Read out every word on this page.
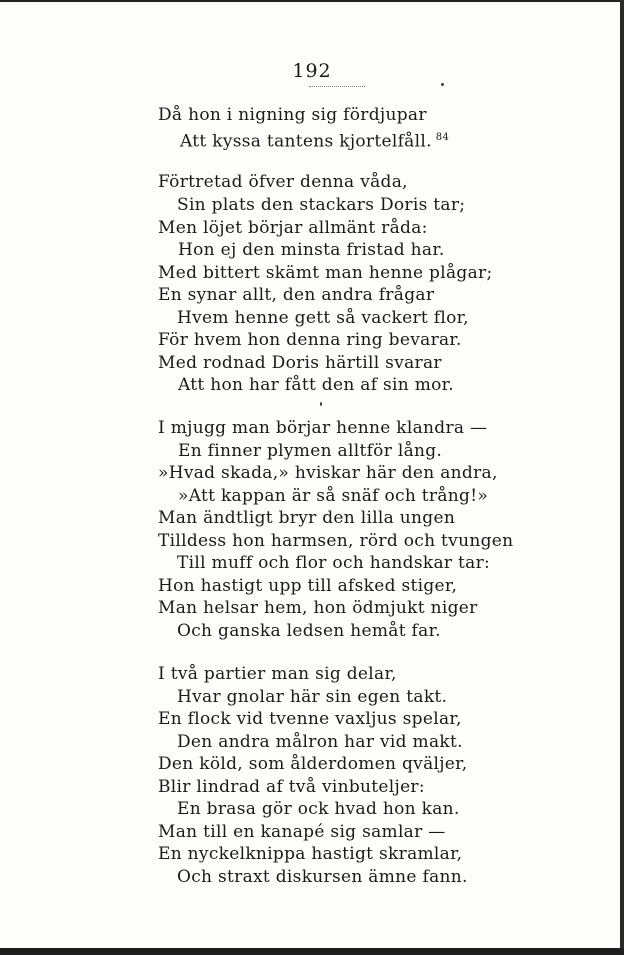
192
Då hon i nigning sig fördjupar
Att kyssa tantens kjortelfåll. $^{84}$
Förtretad öfver denna våda,
Sin plats den stackars Doris tar;
Men löjet börjar allmänt råda:
Hon ej den minsta fristad har.
Med bittert skämt man henne plågar;
En synar allt, den andra frågar
Hvem henne gett så vackert flor,
För hvem hon denna ring bevarar.
Med rodnad Doris härtill svarar
Att hon har fått den af sin mor.
I mjugg man börjar henne klandra —
En finner plymen alltför lång.
»Hvad skada,» hviskar här den andra,
»Att kappan är så snäf och trång!»
Man ändtligt bryr den lilla ungen
Tilldess hon harmsen, rörd och tvungen
Till muff och flor och handskar tar:
Hon hastigt upp till afsked stiger,
Man helsar hem, hon ödmjukt niger
Och ganska ledsen hemåt far.
I två partier man sig delar,
Hvar gnolar här sin egen takt.
En flock vid tvenne vaxljus spelar,
Den andra målron har vid makt.
Den köld, som ålderdomen qväljer,
Blir lindrad af två vinbuteljer:
En brasa gör ock hvad hon kan.
Man till en kanapé sig samlar —
En nyckelknippa hastigt skramlar,
Och straxt diskursen ämne fann.
